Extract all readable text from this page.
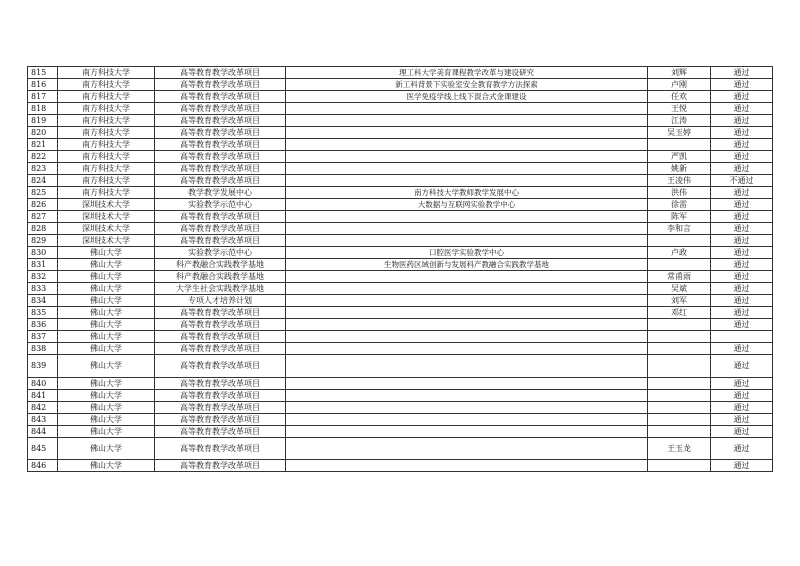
815	南方科技大学	高等教育教学改革项目	理工科大学美育课程教学改革与建设研究	刘辉	通过
816	南方科技大学	高等教育教学改革项目	新工科背景下实验室安全教育教学方法探索	卢刚	通过
817	南方科技大学	高等教育教学改革项目	医学免疫学线上线下混合式金课建设	任欢	通过
818	南方科技大学	高等教育教学改革项目		王悦	通过
819	南方科技大学	高等教育教学改革项目		江涛	通过
820	南方科技大学	高等教育教学改革项目		吴玉婷	通过
821	南方科技大学	高等教育教学改革项目			通过
822	南方科技大学	高等教育教学改革项目		严凯	通过
823	南方科技大学	高等教育教学改革项目		姚新	通过
824	南方科技大学	高等教育教学改革项目		王凌伟	不通过
825	南方科技大学	教学教学发展中心	南方科技大学教师教学发展中心	洪伟	通过
826	深圳技术大学	实验教学示范中心	大数据与互联网实验教学中心	徐雷	通过
827	深圳技术大学	高等教育教学改革项目		陈军	通过
828	深圳技术大学	高等教育教学改革项目		李和言	通过
829	深圳技术大学	高等教育教学改革项目			通过
830	佛山大学	实验教学示范中心	口腔医学实验教学中心	卢政	通过
831	佛山大学	科产教融合实践教学基地	生物医药区域创新与发展科产教融合实践教学基地		通过
832	佛山大学	科产教融合实践教学基地		常甫雨	通过
833	佛山大学	大学生社会实践教学基地		吴斌	通过
834	佛山大学	专项人才培养计划		刘军	通过
835	佛山大学	高等教育教学改革项目		邓红	通过
836	佛山大学	高等教育教学改革项目			通过
837	佛山大学	高等教育教学改革项目			
838	佛山大学	高等教育教学改革项目			通过
839	佛山大学	高等教育教学改革项目			通过
840	佛山大学	高等教育教学改革项目			通过
841	佛山大学	高等教育教学改革项目			通过
842	佛山大学	高等教育教学改革项目			通过
843	佛山大学	高等教育教学改革项目			通过
844	佛山大学	高等教育教学改革项目			通过
845	佛山大学	高等教育教学改革项目		王玉龙	通过
846	佛山大学	高等教育教学改革项目			通过
